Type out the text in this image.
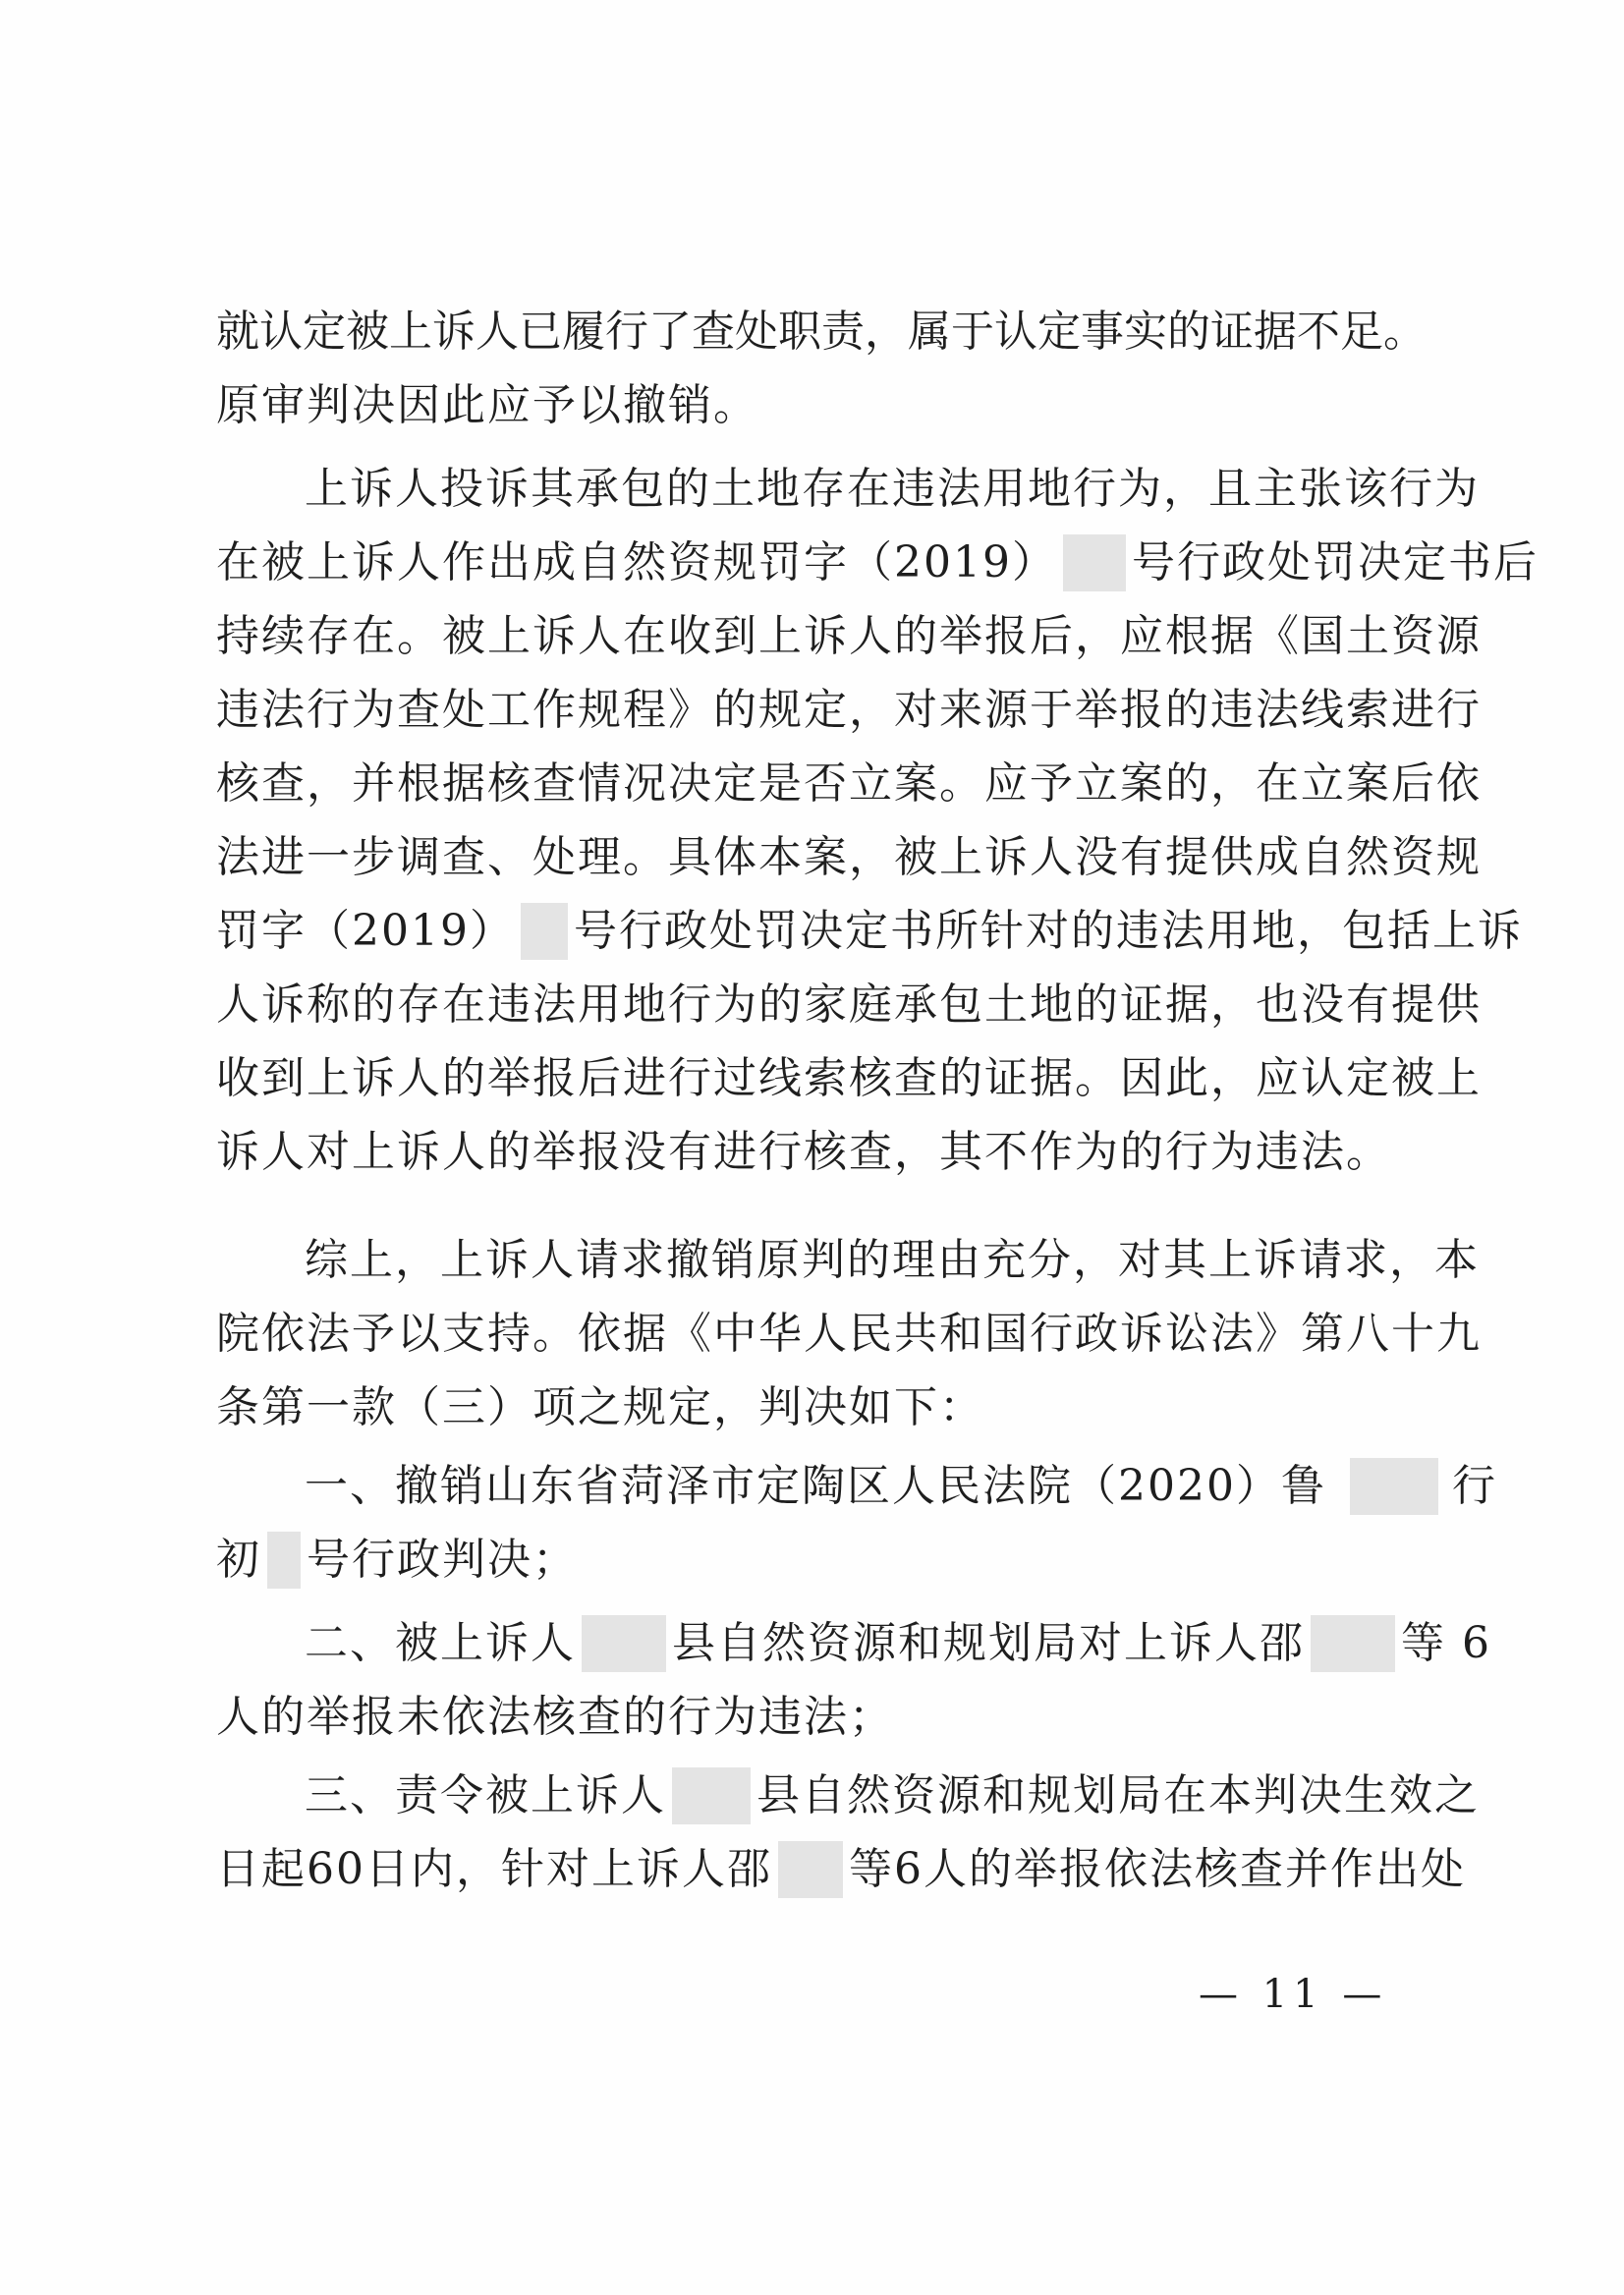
就认定被上诉人已履行了查处职责，属于认定事实的证据不足。
原审判决因此应予以撤销。
上诉人投诉其承包的土地存在违法用地行为，且主张该行为
在被上诉人作出成自然资规罚字（2019） 号行政处罚决定书后
持续存在。被上诉人在收到上诉人的举报后，应根据《国土资源
违法行为查处工作规程》的规定，对来源于举报的违法线索进行
核查，并根据核查情况决定是否立案。应予立案的，在立案后依
法进一步调查、处理。具体本案，被上诉人没有提供成自然资规
罚字（2019） 号行政处罚决定书所针对的违法用地，包括上诉
人诉称的存在违法用地行为的家庭承包土地的证据，也没有提供
收到上诉人的举报后进行过线索核查的证据。因此，应认定被上
诉人对上诉人的举报没有进行核查，其不作为的行为违法。
综上，上诉人请求撤销原判的理由充分，对其上诉请求，本
院依法予以支持。依据《中华人民共和国行政诉讼法》第八十九
条第一款（三）项之规定，判决如下：
一、撤销山东省菏泽市定陶区人民法院（2020）鲁	行
初 号行政判决；
二、被上诉人 县自然资源和规划局对上诉人邵 等 6
人的举报未依法核查的行为违法；
三、责令被上诉人 县自然资源和规划局在本判决生效之
日起60日内，针对上诉人邵 等6人的举报依法核查并作出处
— 11 —
